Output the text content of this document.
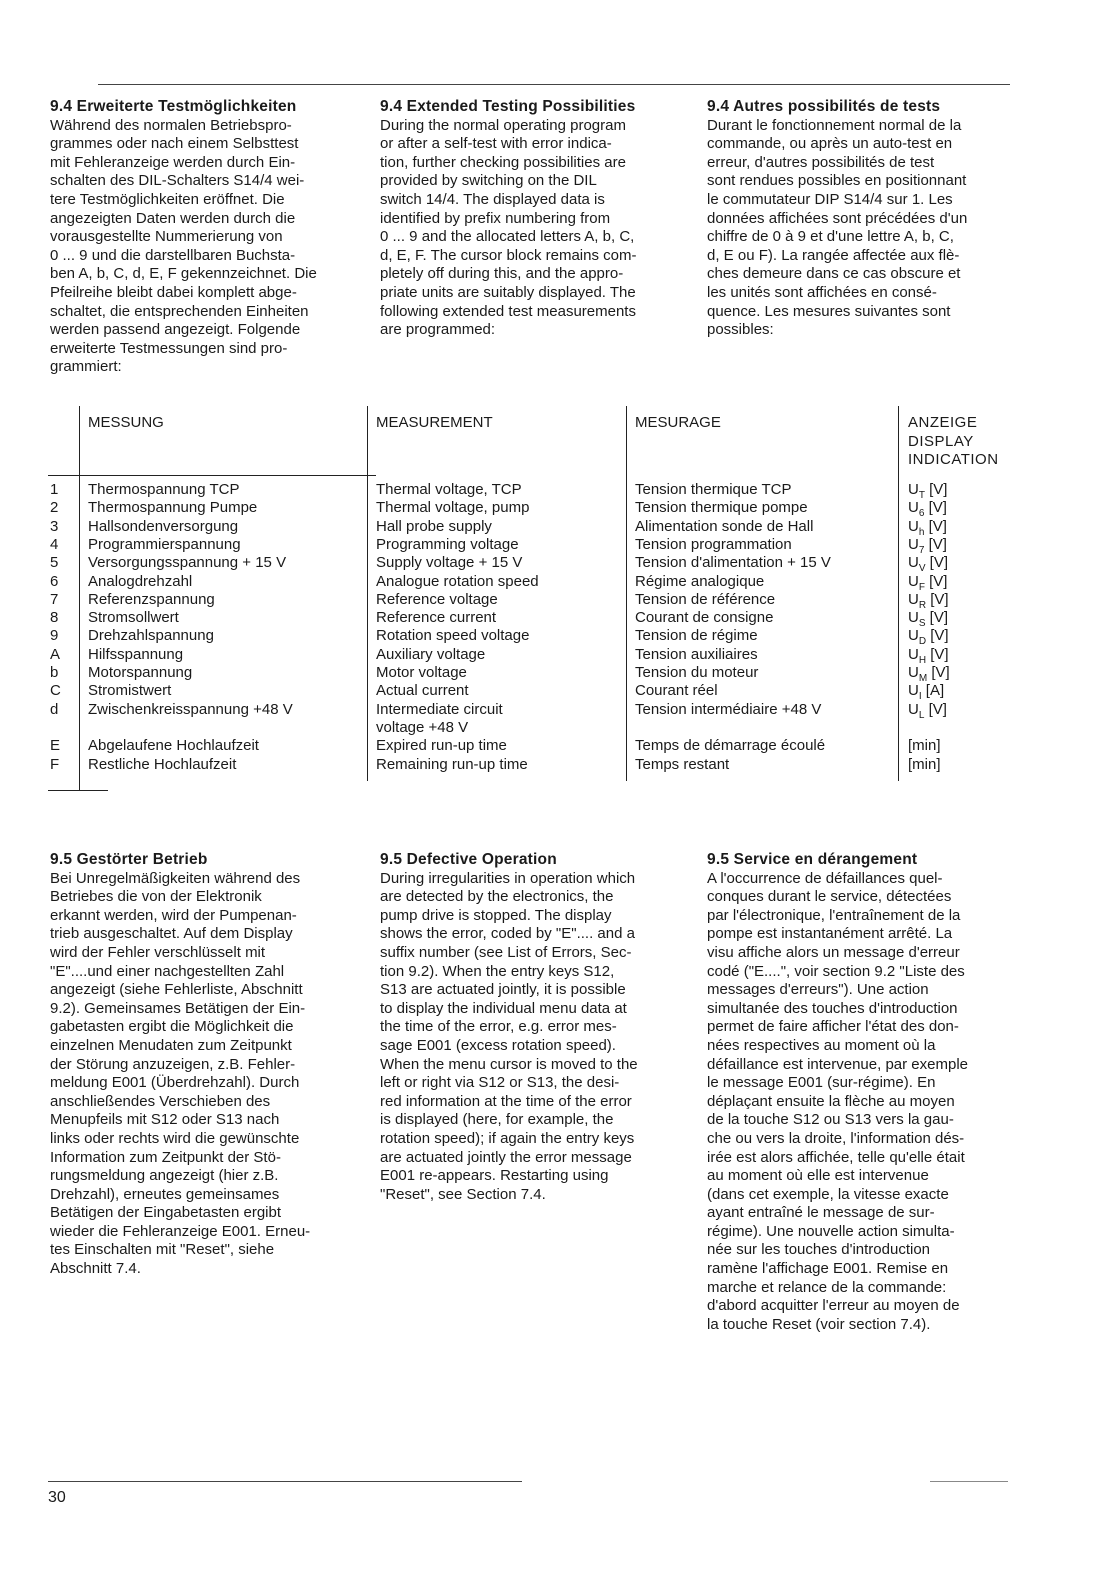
9.4 Erweiterte Testmöglichkeiten

Während des normalen Betriebspro-
grammes oder nach einem Selbsttest
mit Fehleranzeige werden durch Ein-
schalten des DIL-Schalters S14/4 wei-
tere Testmöglichkeiten eröffnet. Die
angezeigten Daten werden durch die
vorausgestellte Nummerierung von
0 ... 9 und die darstellbaren Buchsta-
ben A, b, C, d, E, F gekennzeichnet. Die
Pfeilreihe bleibt dabei komplett abge-
schaltet, die entsprechenden Einheiten
werden passend angezeigt. Folgende
erweiterte Testmessungen sind pro-
grammiert:

9.4 Extended Testing Possibilities

During the normal operating program
or after a self-test with error indica-
tion, further checking possibilities are
provided by switching on the DIL
switch 14/4. The displayed data is
identified by prefix numbering from
0 ... 9 and the allocated letters A, b, C,
d, E, F. The cursor block remains com-
pletely off during this, and the appro-
priate units are suitably displayed. The
following extended test measurements
are programmed:

9.4 Autres possibilités de tests

Durant le fonctionnement normal de la
commande, ou après un auto-test en
erreur, d'autres possibilités de test
sont rendues possibles en positionnant
le commutateur DIP S14/4 sur 1. Les
données affichées sont précédées d'un
chiffre de 0 à 9 et d'une lettre A, b, C,
d, E ou F). La rangée affectée aux flè-
ches demeure dans ce cas obscure et
les unités sont affichées en consé-
quence. Les mesures suivantes sont
possibles:

MESSUNG	MEASUREMENT	MESURAGE	ANZEIGE
DISPLAY
INDICATION
1 Thermospannung TCP	Thermal voltage, TCP	Tension thermique TCP	$U_T$ [V]
2 Thermospannung Pumpe	Thermal voltage, pump	Tension thermique pompe	$U_6$ [V]
3 Hallsondenversorgung	Hall probe supply	Alimentation sonde de Hall	$U_h$ [V]
4 Programmierspannung	Programming voltage	Tension programmation	$U_7$ [V]
5 Versorgungsspannung + 15 V	Supply voltage + 15 V	Tension d'alimentation + 15 V	$U_V$ [V]
6 Analogdrehzahl	Analogue rotation speed	Régime analogique	$U_F$ [V]
7 Referenzspannung	Reference voltage	Tension de référence	$U_R$ [V]
8 Stromsollwert	Reference current	Courant de consigne	$U_S$ [V]
9 Drehzahlspannung	Rotation speed voltage	Tension de régime	$U_D$ [V]
A Hilfsspannung	Auxiliary voltage	Tension auxiliaires	$U_H$ [V]
b Motorspannung	Motor voltage	Tension du moteur	$U_M$ [V]
C Stromistwert	Actual current	Courant réel	$U_I$ [A]
d Zwischenkreisspannung +48 V	Intermediate circuit
voltage +48 V
Tension intermédiaire +48 V	$U_L$ [V]
E Abgelaufene Hochlaufzeit	Expired run-up time	Temps de démarrage écoulé	[min]
F Restliche Hochlaufzeit	Remaining run-up time	Temps restant	[min]
9.5 Gestörter Betrieb

Bei Unregelmäßigkeiten während des
Betriebes die von der Elektronik
erkannt werden, wird der Pumpenan-
trieb ausgeschaltet. Auf dem Display
wird der Fehler verschlüsselt mit
"E"....und einer nachgestellten Zahl
angezeigt (siehe Fehlerliste, Abschnitt
9.2). Gemeinsames Betätigen der Ein-
gabetasten ergibt die Möglichkeit die
einzelnen Menudaten zum Zeitpunkt
der Störung anzuzeigen, z.B. Fehler-
meldung E001 (Überdrehzahl). Durch
anschließendes Verschieben des
Menupfeils mit S12 oder S13 nach
links oder rechts wird die gewünschte
Information zum Zeitpunkt der Stö-
rungsmeldung angezeigt (hier z.B.
Drehzahl), erneutes gemeinsames
Betätigen der Eingabetasten ergibt
wieder die Fehleranzeige E001. Erneu-
tes Einschalten mit "Reset", siehe
Abschnitt 7.4.

9.5 Defective Operation

During irregularities in operation which
are detected by the electronics, the
pump drive is stopped. The display
shows the error, coded by "E".... and a
suffix number (see List of Errors, Sec-
tion 9.2). When the entry keys S12,
S13 are actuated jointly, it is possible
to display the individual menu data at
the time of the error, e.g. error mes-
sage E001 (excess rotation speed).
When the menu cursor is moved to the
left or right via S12 or S13, the desi-
red information at the time of the error
is displayed (here, for example, the
rotation speed); if again the entry keys
are actuated jointly the error message
E001 re-appears. Restarting using
"Reset", see Section 7.4.

9.5 Service en dérangement

A l'occurrence de défaillances quel-
conques durant le service, détectées
par l'électronique, l'entraînement de la
pompe est instantanément arrêté. La
visu affiche alors un message d'erreur
codé ("E....", voir section 9.2 "Liste des
messages d'erreurs"). Une action
simultanée des touches d'introduction
permet de faire afficher l'état des don-
nées respectives au moment où la
défaillance est intervenue, par exemple
le message E001 (sur-régime). En
déplaçant ensuite la flèche au moyen
de la touche S12 ou S13 vers la gau-
che ou vers la droite, l'information dés-
irée est alors affichée, telle qu'elle était
au moment où elle est intervenue
(dans cet exemple, la vitesse exacte
ayant entraîné le message de sur-
régime). Une nouvelle action simulta-
née sur les touches d'introduction
ramène l'affichage E001. Remise en
marche et relance de la commande:
d'abord acquitter l'erreur au moyen de
la touche Reset (voir section 7.4).

30
